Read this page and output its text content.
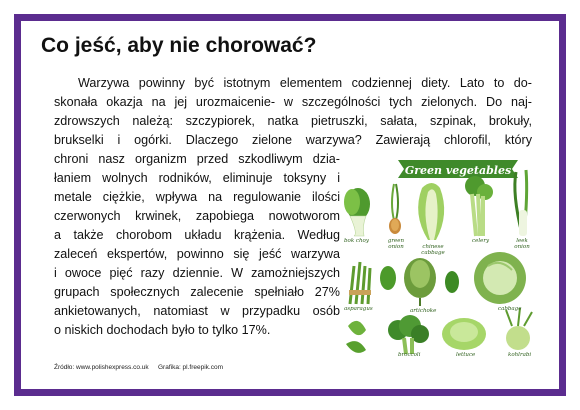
Co jeść, aby nie chorować?
Warzywa powinny być istotnym elementem codziennej diety. Lato to do-
skonała okazja na jej urozmaicenie- w szczególności tych zielonych. Do naj-
zdrowszych należą: szczypiorek, natka pietruszki, sałata, szpinak, brokuły,
brukselki i ogórki. Dlaczego zielone warzywa? Zawierają chlorofil, który
chroni nasz organizm przed szkodliwym dzia-
łaniem wolnych rodników, eliminuje toksyny i
metale ciężkie, wpływa na regulowanie ilości
czerwonych krwinek, zapobiega nowotworom
a także chorobom układu krążenia. Według
zaleceń ekspertów, powinno się jeść warzywa
i owoce pięć razy dziennie. W zamożniejszych
grupach społecznych zalecenie spełniało 27%
ankietowanych, natomiast w przypadku osób
o niskich dochodach było to tylko 17%.
Źródło: www.polishexpress.co.uk Grafika: pl.freepik.com
Green vegetables
bok choy	green onion	chinese cabbage
celery	leek onion
asparagus	artichoke	cabbage
broccoli	lettuce	kohlrabi
